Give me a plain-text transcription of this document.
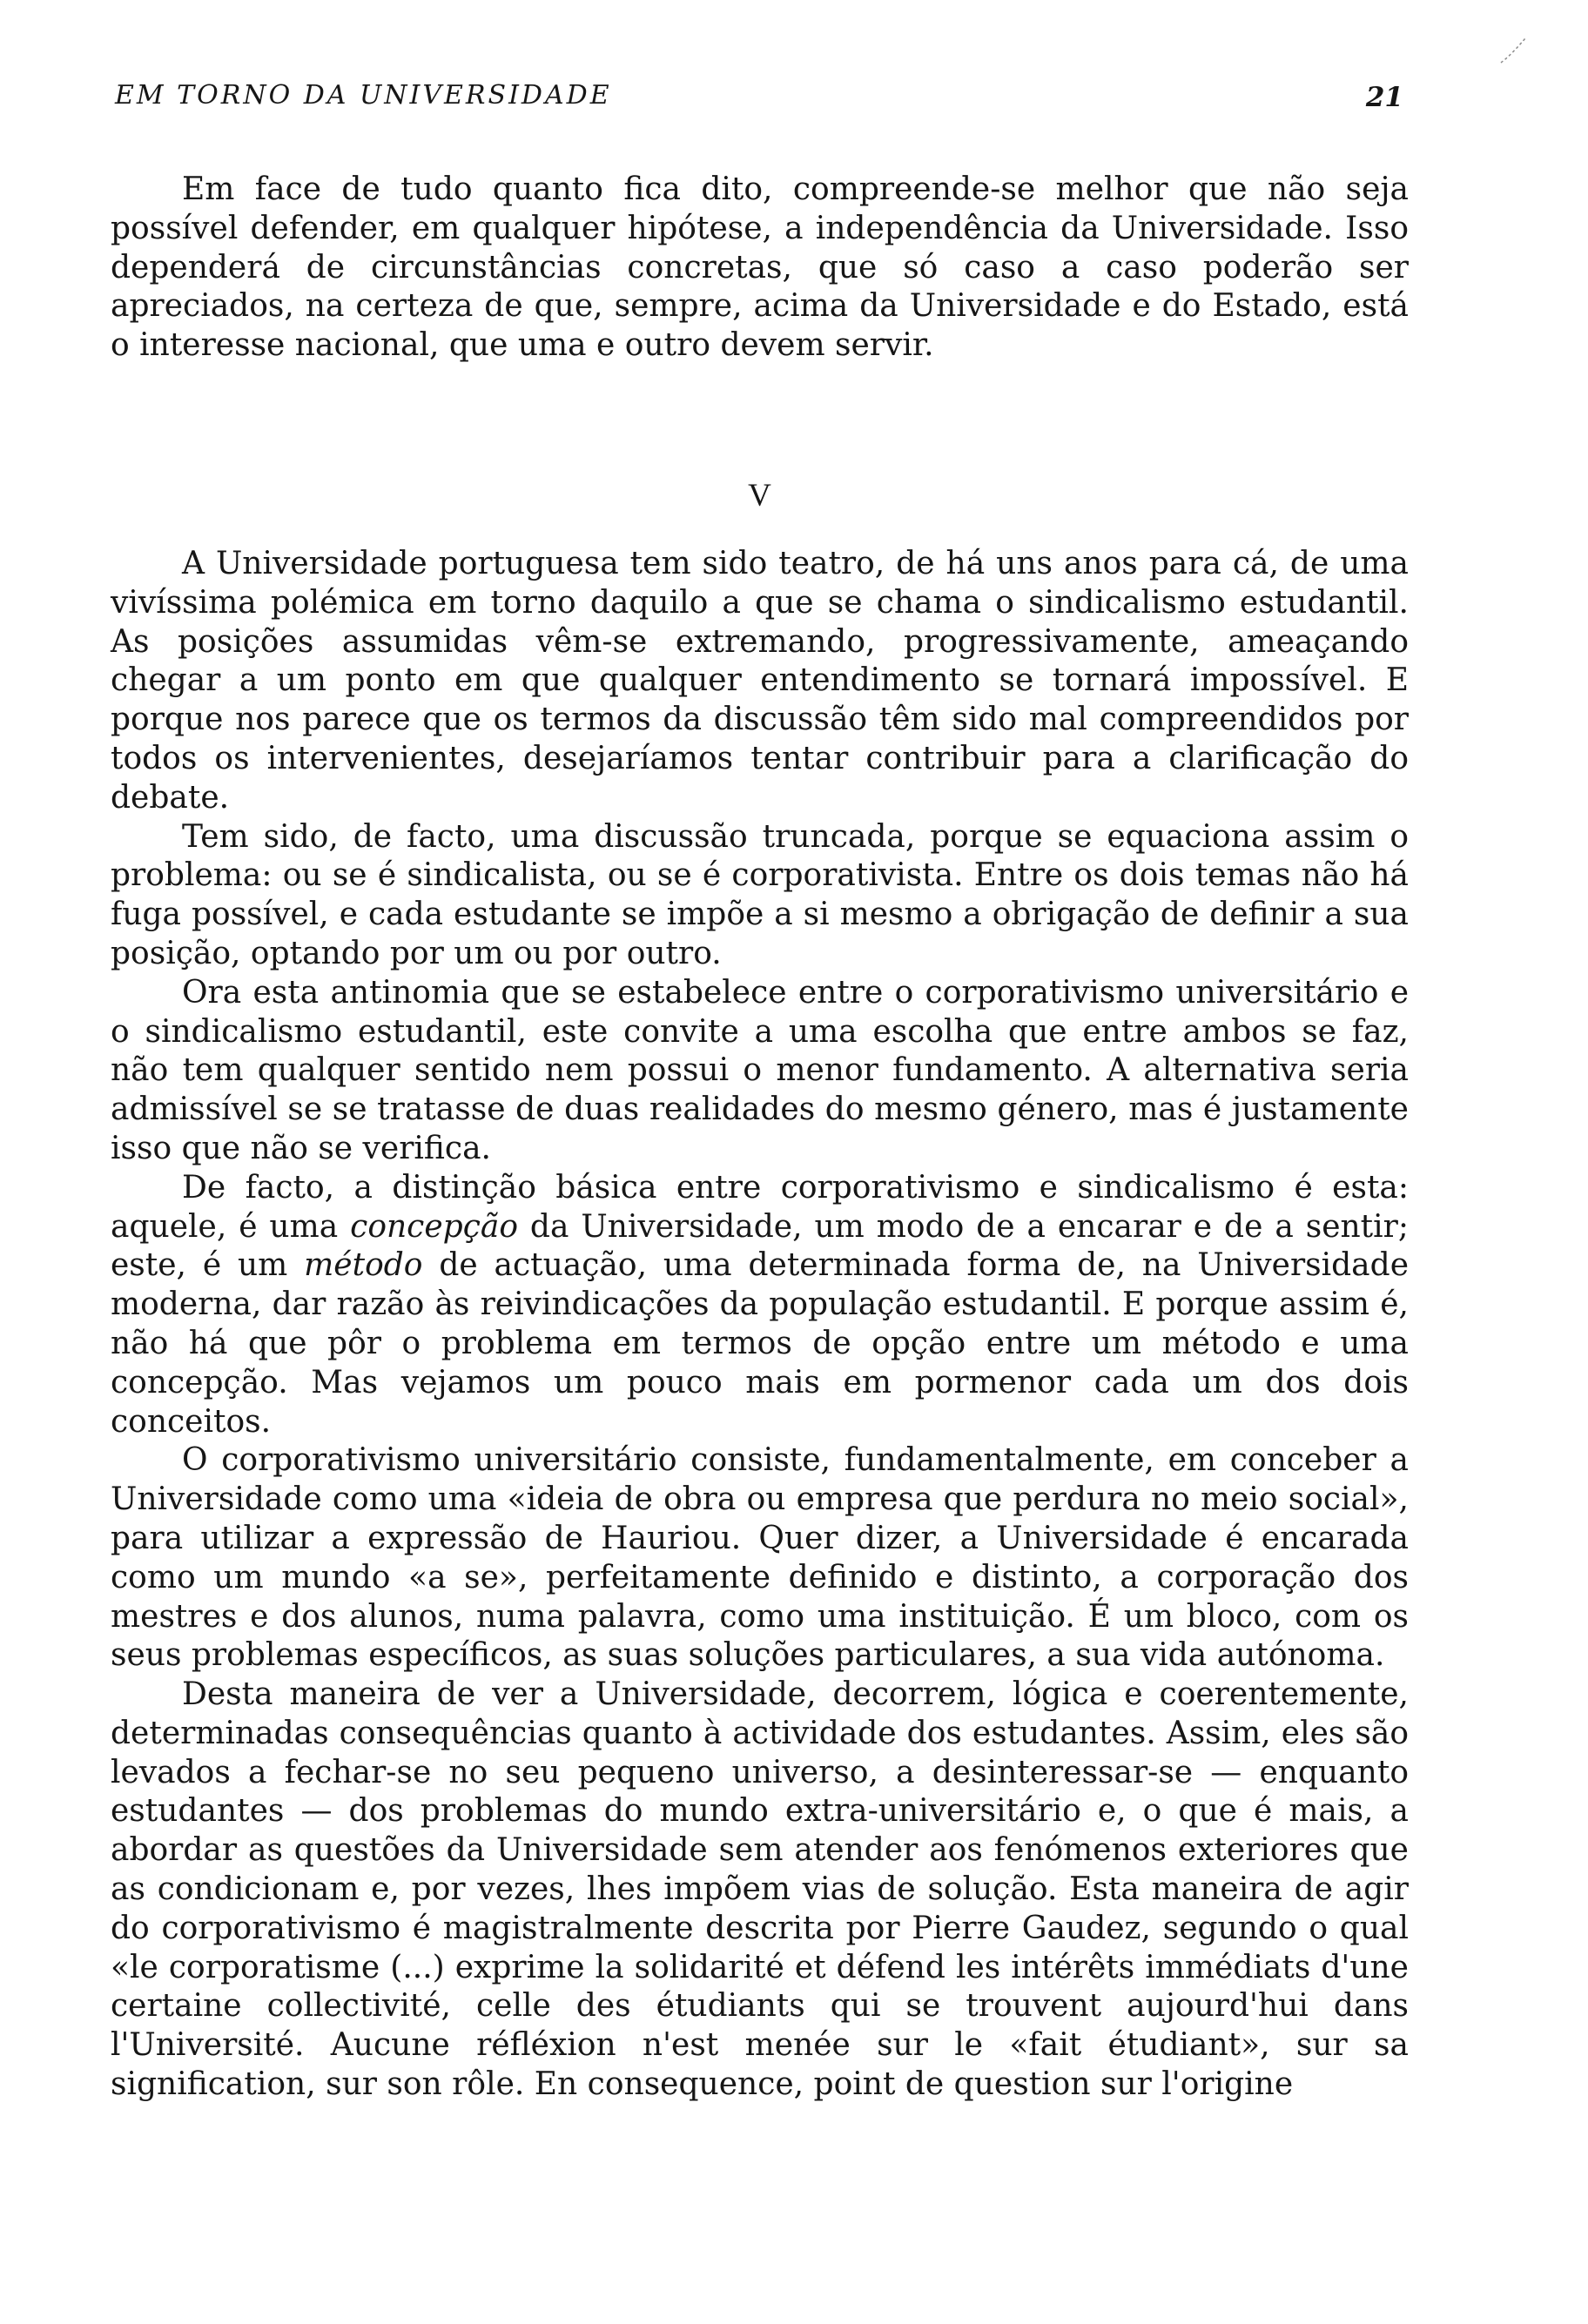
EM TORNO DA UNIVERSIDADE	21

Em face de tudo quanto fica dito, compreende-se melhor que não seja possível defender, em qualquer hipótese, a independência da Universidade. Isso dependerá de circunstâncias concretas, que só caso a caso poderão ser apreciados, na certeza de que, sempre, acima da Universidade e do Estado, está o interesse nacional, que uma e outro devem servir.

V

A Universidade portuguesa tem sido teatro, de há uns anos para cá, de uma vivíssima polémica em torno daquilo a que se chama o sindicalismo estudantil. As posições assumidas vêm-se extremando, progressivamente, ameaçando chegar a um ponto em que qualquer entendimento se tornará impossível. E porque nos parece que os termos da discussão têm sido mal compreendidos por todos os intervenientes, desejaríamos tentar contribuir para a clarificação do debate.

Tem sido, de facto, uma discussão truncada, porque se equaciona assim o problema: ou se é sindicalista, ou se é corporativista. Entre os dois temas não há fuga possível, e cada estudante se impõe a si mesmo a obrigação de definir a sua posição, optando por um ou por outro.

Ora esta antinomia que se estabelece entre o corporativismo universitário e o sindicalismo estudantil, este convite a uma escolha que entre ambos se faz, não tem qualquer sentido nem possui o menor fundamento. A alternativa seria admissível se se tratasse de duas realidades do mesmo género, mas é justamente isso que não se verifica.

De facto, a distinção básica entre corporativismo e sindicalismo é esta: aquele, é uma concepção da Universidade, um modo de a encarar e de a sentir; este, é um método de actuação, uma determinada forma de, na Universidade moderna, dar razão às reivindicações da população estudantil. E porque assim é, não há que pôr o problema em termos de opção entre um método e uma concepção. Mas vejamos um pouco mais em pormenor cada um dos dois conceitos.

O corporativismo universitário consiste, fundamentalmente, em conceber a Universidade como uma «ideia de obra ou empresa que perdura no meio social», para utilizar a expressão de Hauriou. Quer dizer, a Universidade é encarada como um mundo «a se», perfeitamente definido e distinto, a corporação dos mestres e dos alunos, numa palavra, como uma instituição. É um bloco, com os seus problemas específicos, as suas soluções particulares, a sua vida autónoma.

Desta maneira de ver a Universidade, decorrem, lógica e coerentemente, determinadas consequências quanto à actividade dos estudantes. Assim, eles são levados a fechar-se no seu pequeno universo, a desinteressar-se — enquanto estudantes — dos problemas do mundo extra-universitário e, o que é mais, a abordar as questões da Universidade sem atender aos fenómenos exteriores que as condicionam e, por vezes, lhes impõem vias de solução. Esta maneira de agir do corporativismo é magistralmente descrita por Pierre Gaudez, segundo o qual «le corporatisme (...) exprime la solidarité et défend les intérêts immédiats d'une certaine collectivité, celle des étudiants qui se trouvent aujourd'hui dans l'Université. Aucune réfléxion n'est menée sur le «fait étudiant», sur sa signification, sur son rôle. En consequence, point de question sur l'origine
